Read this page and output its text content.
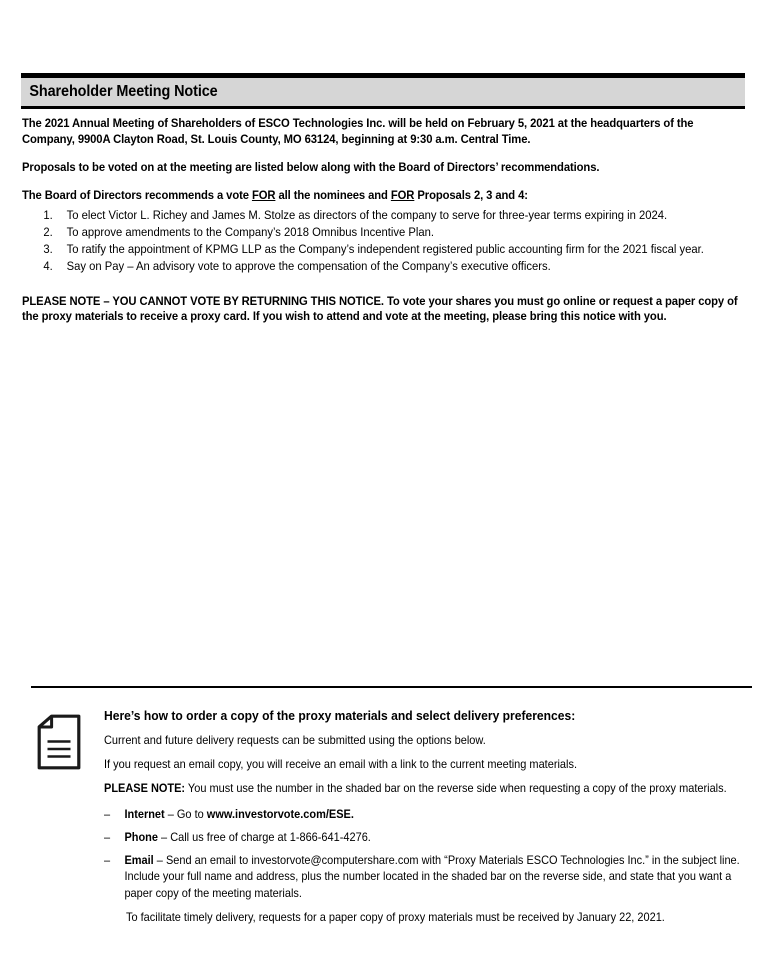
Shareholder Meeting Notice

The 2021 Annual Meeting of Shareholders of ESCO Technologies Inc. will be held on February 5, 2021 at the headquarters of the Company, 9900A Clayton Road, St. Louis County, MO 63124, beginning at 9:30 a.m. Central Time.

Proposals to be voted on at the meeting are listed below along with the Board of Directors’ recommendations.

The Board of Directors recommends a vote FOR all the nominees and FOR Proposals 2, 3 and 4:

1.	To elect Victor L. Richey and James M. Stolze as directors of the company to serve for three-year terms expiring in 2024.
2.	To approve amendments to the Company’s 2018 Omnibus Incentive Plan.
3.	To ratify the appointment of KPMG LLP as the Company’s independent registered public accounting firm for the 2021 fiscal year.
4.	Say on Pay – An advisory vote to approve the compensation of the Company’s executive officers.

PLEASE NOTE – YOU CANNOT VOTE BY RETURNING THIS NOTICE. To vote your shares you must go online or request a paper copy of the proxy materials to receive a proxy card. If you wish to attend and vote at the meeting, please bring this notice with you.

Here’s how to order a copy of the proxy materials and select delivery preferences:

Current and future delivery requests can be submitted using the options below.

If you request an email copy, you will receive an email with a link to the current meeting materials.

PLEASE NOTE: You must use the number in the shaded bar on the reverse side when requesting a copy of the proxy materials.

–	Internet – Go to www.investorvote.com/ESE.
–	Phone – Call us free of charge at 1-866-641-4276.
–	Email – Send an email to investorvote@computershare.com with “Proxy Materials ESCO Technologies Inc.” in the subject line. Include your full name and address, plus the number located in the shaded bar on the reverse side, and state that you want a paper copy of the meeting materials.

To facilitate timely delivery, requests for a paper copy of proxy materials must be received by January 22, 2021.
